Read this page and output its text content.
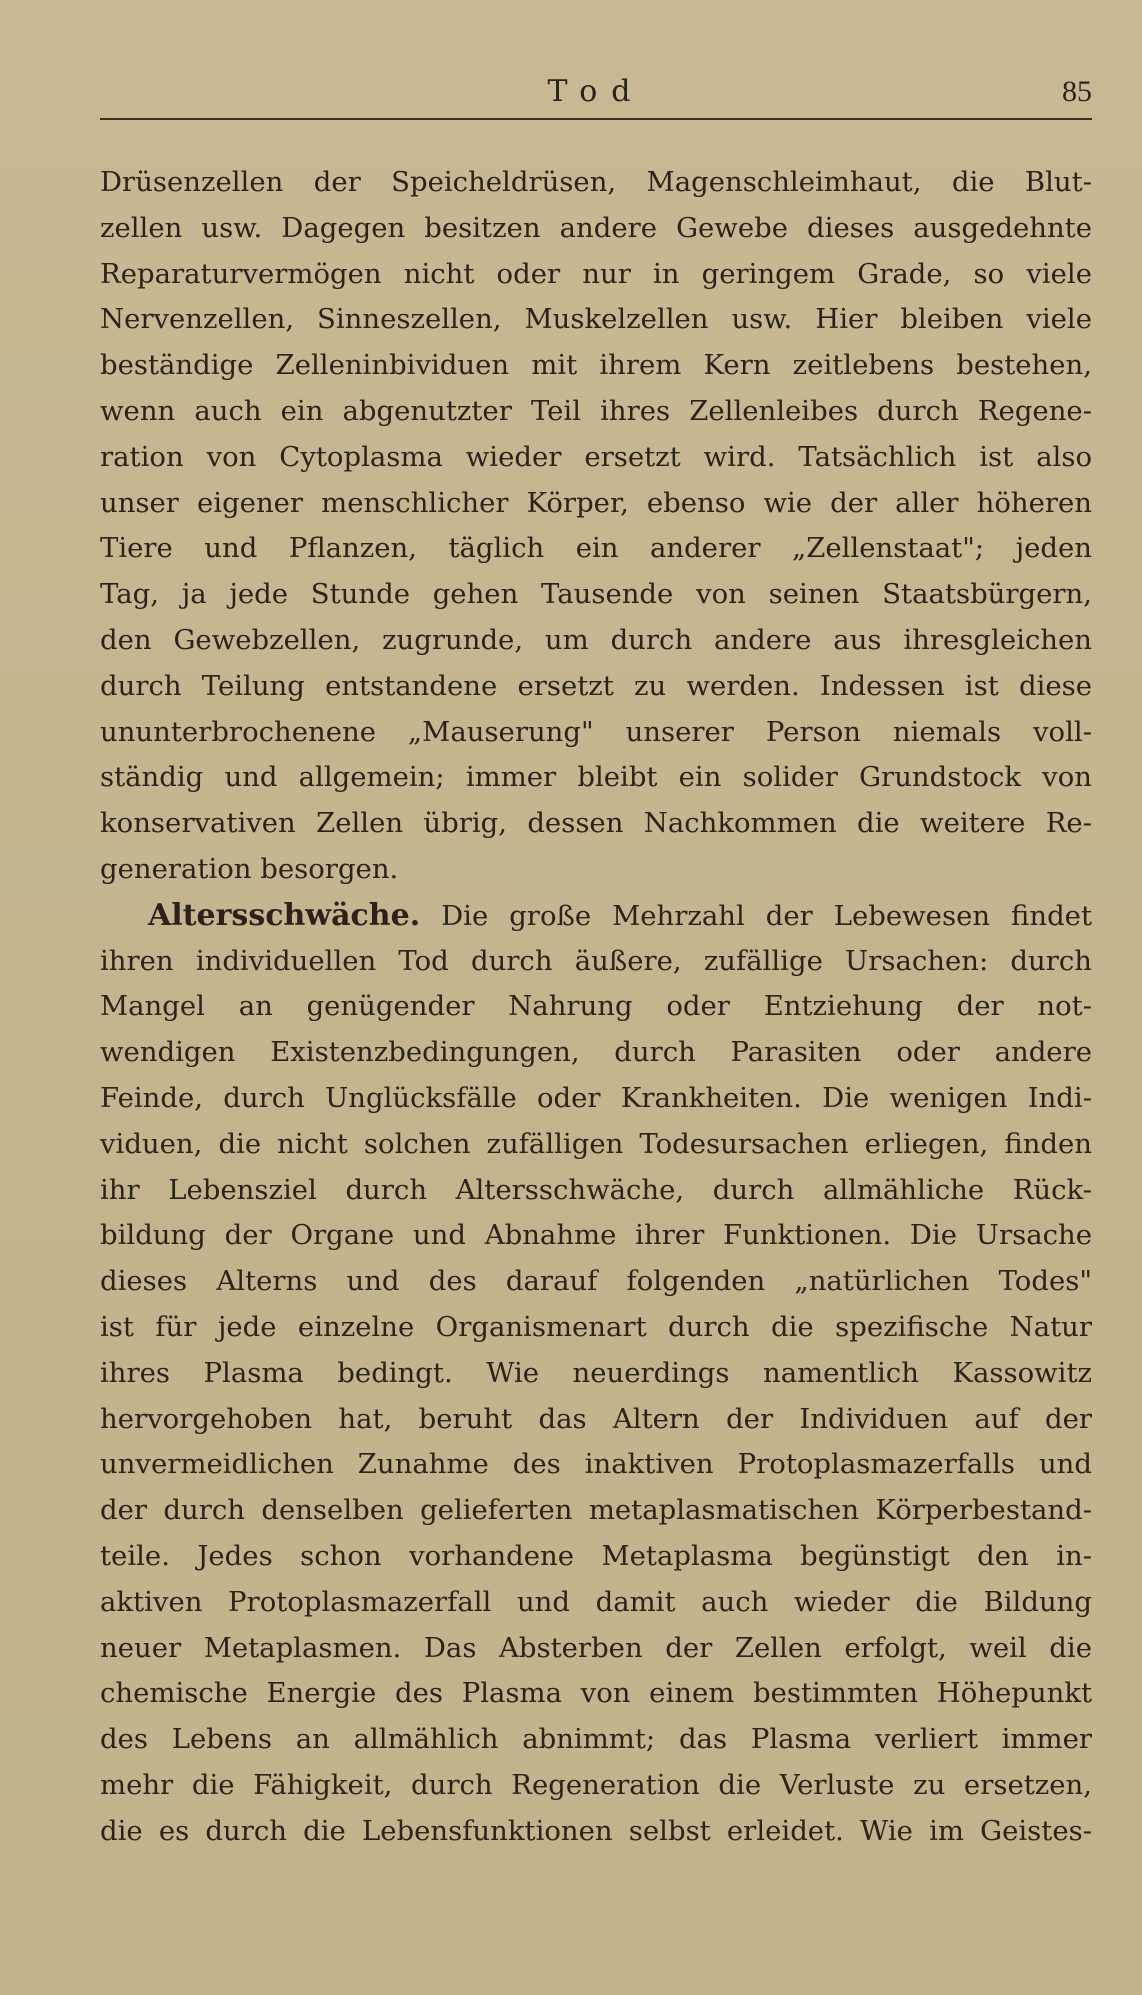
Tod	85
Drüsenzellen der Speicheldrüsen, Magenschleimhaut, die Blut-
zellen usw. Dagegen besitzen andere Gewebe dieses ausgedehnte
Reparaturvermögen nicht oder nur in geringem Grade, so viele
Nervenzellen, Sinneszellen, Muskelzellen usw. Hier bleiben viele
beständige Zelleninbividuen mit ihrem Kern zeitlebens bestehen,
wenn auch ein abgenutzter Teil ihres Zellenleibes durch Regene-
ration von Cytoplasma wieder ersetzt wird. Tatsächlich ist also
unser eigener menschlicher Körper, ebenso wie der aller höheren
Tiere und Pflanzen, täglich ein anderer „Zellenstaat"; jeden
Tag, ja jede Stunde gehen Tausende von seinen Staatsbürgern,
den Gewebzellen, zugrunde, um durch andere aus ihresgleichen
durch Teilung entstandene ersetzt zu werden. Indessen ist diese
ununterbrochenene „Mauserung" unserer Person niemals voll-
ständig und allgemein; immer bleibt ein solider Grundstock von
konservativen Zellen übrig, dessen Nachkommen die weitere Re-
generation besorgen.
Altersschwäche. Die große Mehrzahl der Lebewesen findet
ihren individuellen Tod durch äußere, zufällige Ursachen: durch
Mangel an genügender Nahrung oder Entziehung der not-
wendigen Existenzbedingungen, durch Parasiten oder andere
Feinde, durch Unglücksfälle oder Krankheiten. Die wenigen Indi-
viduen, die nicht solchen zufälligen Todesursachen erliegen, finden
ihr Lebensziel durch Altersschwäche, durch allmähliche Rück-
bildung der Organe und Abnahme ihrer Funktionen. Die Ursache
dieses Alterns und des darauf folgenden „natürlichen Todes"
ist für jede einzelne Organismenart durch die spezifische Natur
ihres Plasma bedingt. Wie neuerdings namentlich Kassowitz
hervorgehoben hat, beruht das Altern der Individuen auf der
unvermeidlichen Zunahme des inaktiven Protoplasmazerfalls und
der durch denselben gelieferten metaplasmatischen Körperbestand-
teile. Jedes schon vorhandene Metaplasma begünstigt den in-
aktiven Protoplasmazerfall und damit auch wieder die Bildung
neuer Metaplasmen. Das Absterben der Zellen erfolgt, weil die
chemische Energie des Plasma von einem bestimmten Höhepunkt
des Lebens an allmählich abnimmt; das Plasma verliert immer
mehr die Fähigkeit, durch Regeneration die Verluste zu ersetzen,
die es durch die Lebensfunktionen selbst erleidet. Wie im Geistes-
